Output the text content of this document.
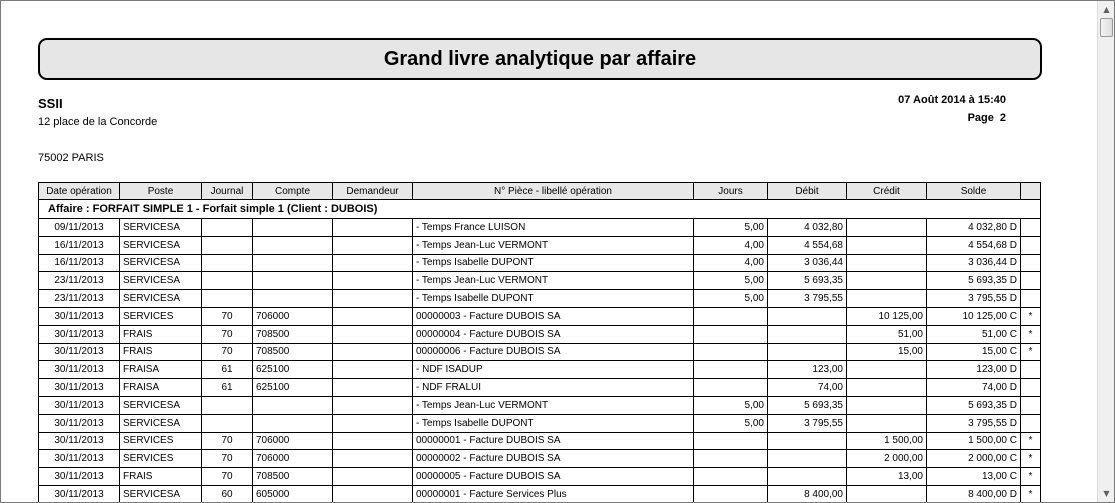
Grand livre analytique par affaire
SSII
12 place de la Concorde
75002 PARIS
07 Août 2014 à 15:40
Page 2
Date opération	Poste	Journal	Compte	Demandeur	N° Pièce - libellé opération	Jours	Débit	Crédit	Solde	
Affaire : FORFAIT SIMPLE 1 - Forfait simple 1 (Client : DUBOIS)										
09/11/2013	SERVICESA				- Temps France LUISON	5,00	4 032,80		4 032,80 D	
16/11/2013	SERVICESA				- Temps Jean-Luc VERMONT	4,00	4 554,68		4 554,68 D	
16/11/2013	SERVICESA				- Temps Isabelle DUPONT	4,00	3 036,44		3 036,44 D	
23/11/2013	SERVICESA				- Temps Jean-Luc VERMONT	5,00	5 693,35		5 693,35 D	
23/11/2013	SERVICESA				- Temps Isabelle DUPONT	5,00	3 795,55		3 795,55 D	
30/11/2013	SERVICES	70	706000		00000003 - Facture DUBOIS SA			10 125,00	10 125,00 C	*
30/11/2013	FRAIS	70	708500		00000004 - Facture DUBOIS SA			51,00	51,00 C	*
30/11/2013	FRAIS	70	708500		00000006 - Facture DUBOIS SA			15,00	15,00 C	*
30/11/2013	FRAISA	61	625100		- NDF ISADUP		123,00		123,00 D	
30/11/2013	FRAISA	61	625100		- NDF FRALUI		74,00		74,00 D	
30/11/2013	SERVICESA				- Temps Jean-Luc VERMONT	5,00	5 693,35		5 693,35 D	
30/11/2013	SERVICESA				- Temps Isabelle DUPONT	5,00	3 795,55		3 795,55 D	
30/11/2013	SERVICES	70	706000		00000001 - Facture DUBOIS SA			1 500,00	1 500,00 C	*
30/11/2013	SERVICES	70	706000		00000002 - Facture DUBOIS SA			2 000,00	2 000,00 C	*
30/11/2013	FRAIS	70	708500		00000005 - Facture DUBOIS SA			13,00	13,00 C	*
30/11/2013	SERVICESA	60	605000		00000001 - Facture Services Plus		8 400,00		8 400,00 D	*
▲
▼
